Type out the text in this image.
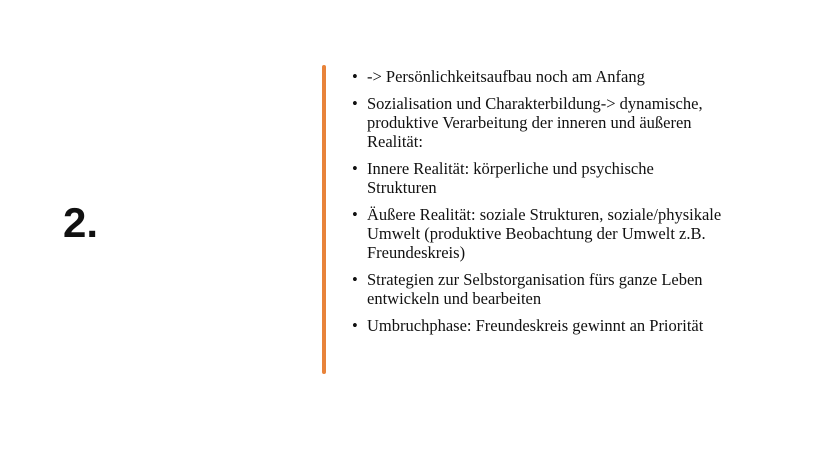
2.
• -> Persönlichkeitsaufbau noch am Anfang
• Sozialisation und Charakterbildung-> dynamische,
produktive Verarbeitung der inneren und äußeren
Realität:
• Innere Realität: körperliche und psychische
Strukturen
• Äußere Realität: soziale Strukturen, soziale/physikale
Umwelt (produktive Beobachtung der Umwelt z.B.
Freundeskreis)
• Strategien zur Selbstorganisation fürs ganze Leben
entwickeln und bearbeiten
• Umbruchphase: Freundeskreis gewinnt an Priorität
